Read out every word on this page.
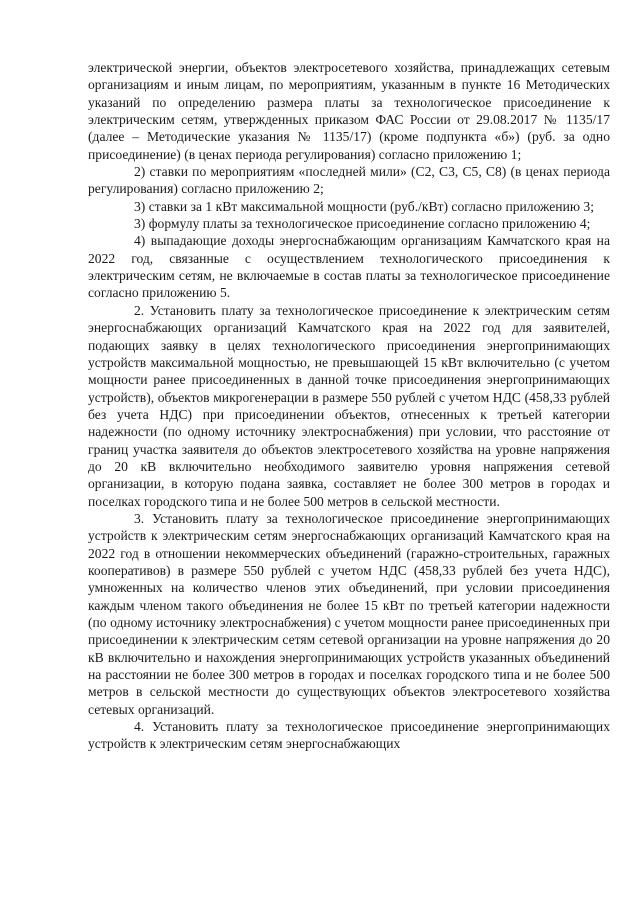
электрической энергии, объектов электросетевого хозяйства, принадлежащих сетевым организациям и иным лицам, по мероприятиям, указанным в пункте 16 Методических указаний по определению размера платы за технологическое присоединение к электрическим сетям, утвержденных приказом ФАС России от 29.08.2017 № 1135/17 (далее – Методические указания № 1135/17) (кроме подпункта «б») (руб. за одно присоединение) (в ценах периода регулирования) согласно приложению 1;

2) ставки по мероприятиям «последней мили» (С2, С3, С5, С8) (в ценах периода регулирования) согласно приложению 2;

3) ставки за 1 кВт максимальной мощности (руб./кВт) согласно приложению 3;

3) формулу платы за технологическое присоединение согласно приложению 4;

4) выпадающие доходы энергоснабжающим организациям Камчатского края на 2022 год, связанные с осуществлением технологического присоединения к электрическим сетям, не включаемые в состав платы за технологическое присоединение согласно приложению 5.

2. Установить плату за технологическое присоединение к электрическим сетям энергоснабжающих организаций Камчатского края на 2022 год для заявителей, подающих заявку в целях технологического присоединения энергопринимающих устройств максимальной мощностью, не превышающей 15 кВт включительно (с учетом мощности ранее присоединенных в данной точке присоединения энергопринимающих устройств), объектов микрогенерации в размере 550 рублей с учетом НДС (458,33 рублей без учета НДС) при присоединении объектов, отнесенных к третьей категории надежности (по одному источнику электроснабжения) при условии, что расстояние от границ участка заявителя до объектов электросетевого хозяйства на уровне напряжения до 20 кВ включительно необходимого заявителю уровня напряжения сетевой организации, в которую подана заявка, составляет не более 300 метров в городах и поселках городского типа и не более 500 метров в сельской местности.

3. Установить плату за технологическое присоединение энергопринимающих устройств к электрическим сетям энергоснабжающих организаций Камчатского края на 2022 год в отношении некоммерческих объединений (гаражно-строительных, гаражных кооперативов) в размере 550 рублей с учетом НДС (458,33 рублей без учета НДС), умноженных на количество членов этих объединений, при условии присоединения каждым членом такого объединения не более 15 кВт по третьей категории надежности (по одному источнику электроснабжения) с учетом мощности ранее присоединенных при присоединении к электрическим сетям сетевой организации на уровне напряжения до 20 кВ включительно и нахождения энергопринимающих устройств указанных объединений на расстоянии не более 300 метров в городах и поселках городского типа и не более 500 метров в сельской местности до существующих объектов электросетевого хозяйства сетевых организаций.

4. Установить плату за технологическое присоединение энергопринимающих устройств к электрическим сетям энергоснабжающих
